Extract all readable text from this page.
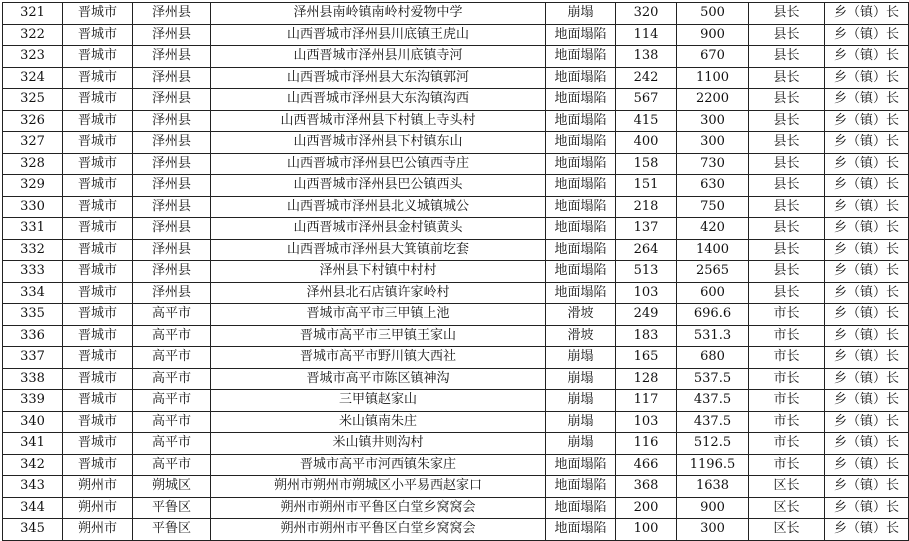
321	晋城市	泽州县	泽州县南岭镇南岭村爱物中学	崩塌	320	500	县长	乡（镇）长
322	晋城市	泽州县	山西晋城市泽州县川底镇王虎山	地面塌陷	114	900	县长	乡（镇）长
323	晋城市	泽州县	山西晋城市泽州县川底镇寺河	地面塌陷	138	670	县长	乡（镇）长
324	晋城市	泽州县	山西晋城市泽州县大东沟镇郭河	地面塌陷	242	1100	县长	乡（镇）长
325	晋城市	泽州县	山西晋城市泽州县大东沟镇沟西	地面塌陷	567	2200	县长	乡（镇）长
326	晋城市	泽州县	山西晋城市泽州县下村镇上寺头村	地面塌陷	415	300	县长	乡（镇）长
327	晋城市	泽州县	山西晋城市泽州县下村镇东山	地面塌陷	400	300	县长	乡（镇）长
328	晋城市	泽州县	山西晋城市泽州县巴公镇西寺庄	地面塌陷	158	730	县长	乡（镇）长
329	晋城市	泽州县	山西晋城市泽州县巴公镇西头	地面塌陷	151	630	县长	乡（镇）长
330	晋城市	泽州县	山西晋城市泽州县北义城镇城公	地面塌陷	218	750	县长	乡（镇）长
331	晋城市	泽州县	山西晋城市泽州县金村镇黄头	地面塌陷	137	420	县长	乡（镇）长
332	晋城市	泽州县	山西晋城市泽州县大箕镇前圪套	地面塌陷	264	1400	县长	乡（镇）长
333	晋城市	泽州县	泽州县下村镇中村村	地面塌陷	513	2565	县长	乡（镇）长
334	晋城市	泽州县	泽州县北石店镇许家岭村	地面塌陷	103	600	县长	乡（镇）长
335	晋城市	高平市	晋城市高平市三甲镇上池	滑坡	249	696.6	市长	乡（镇）长
336	晋城市	高平市	晋城市高平市三甲镇王家山	滑坡	183	531.3	市长	乡（镇）长
337	晋城市	高平市	晋城市高平市野川镇大西社	崩塌	165	680	市长	乡（镇）长
338	晋城市	高平市	晋城市高平市陈区镇神沟	崩塌	128	537.5	市长	乡（镇）长
339	晋城市	高平市	三甲镇赵家山	崩塌	117	437.5	市长	乡（镇）长
340	晋城市	高平市	米山镇南朱庄	崩塌	103	437.5	市长	乡（镇）长
341	晋城市	高平市	米山镇井则沟村	崩塌	116	512.5	市长	乡（镇）长
342	晋城市	高平市	晋城市高平市河西镇朱家庄	地面塌陷	466	1196.5	市长	乡（镇）长
343	朔州市	朔城区	朔州市朔州市朔城区小平易西赵家口	地面塌陷	368	1638	区长	乡（镇）长
344	朔州市	平鲁区	朔州市朔州市平鲁区白堂乡窝窝会	地面塌陷	200	900	区长	乡（镇）长
345	朔州市	平鲁区	朔州市朔州市平鲁区白堂乡窝窝会	地面塌陷	100	300	区长	乡（镇）长
